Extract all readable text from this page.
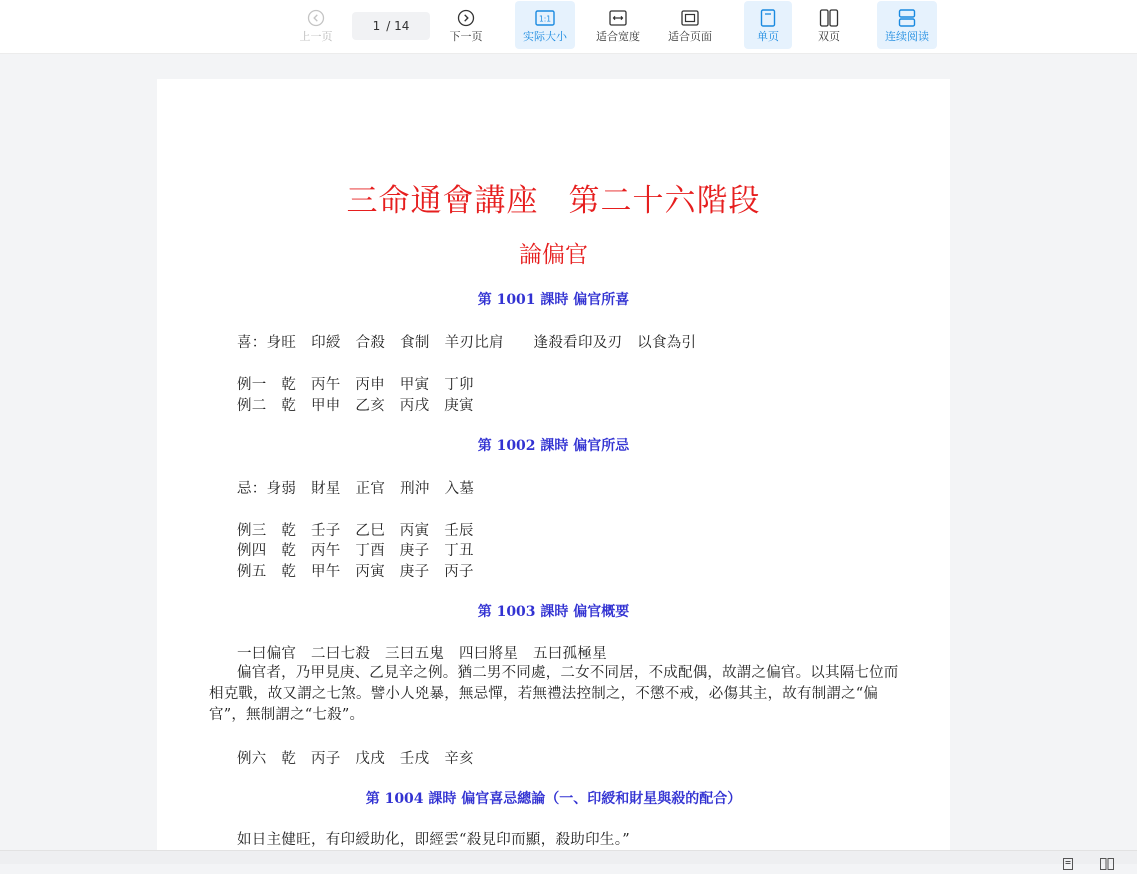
上一页
1 / 14
下一页
1:1
实际大小	适合宽度	适合页面	单页	双页	连续阅读
三命通會講座 第二十六階段
論偏官
第 1001 課時 偏官所喜
喜：身旺 印綬 合殺 食制 羊刃比肩　 逢殺看印及刃　以食為引
例一　乾　丙午　丙申　甲寅　丁卯
例二　乾　甲申　乙亥　丙戌　庚寅
第 1002 課時 偏官所忌
忌：身弱 財星 正官 刑沖 入墓
例三　乾　壬子　乙巳　丙寅　壬辰
例四　乾　丙午　丁酉　庚子　丁丑
例五　乾　甲午　丙寅　庚子　丙子
第 1003 課時 偏官概要
一曰偏官　二曰七殺　三曰五鬼　四曰將星　五曰孤極星
偏官者，乃甲見庚、乙見辛之例。猶二男不同處，二女不同居，不成配偶，故謂之偏官。以其隔七位而相克戰，故又謂之七煞。譬小人兇暴，無忌憚，若無禮法控制之，不懲不戒，必傷其主，故有制謂之“偏官”，無制謂之“七殺”。
例六　乾　丙子　戊戌　壬戌　辛亥
第 1004 課時 偏官喜忌總論（一、印綬和財星與殺的配合）
如日主健旺，有印綬助化，即經雲“殺見印而顯，殺助印生。”
